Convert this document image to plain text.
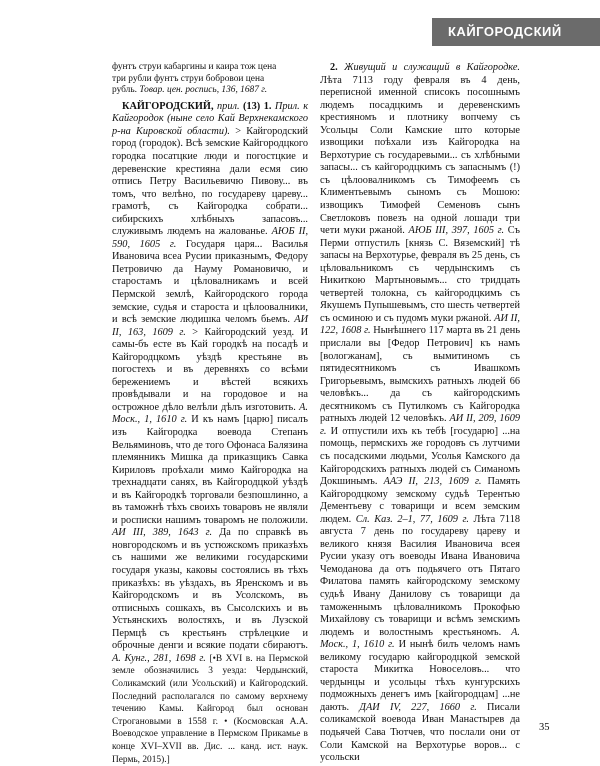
КАЙГОРОДСКИЙ
фунтъ струи кабаргины и каира тож цена
три рубли фунтъ струи бобровои цена
рубль. Товар. цен. роспись, 136, 1687 г.

КАЙГОРОДСКИЙ, прил. (13) 1. Прил. к Кайгородок (ныне село Кай Верхнекамского р-на Кировской области). > Кайгородский город (городок). Всѣ земские Кайгородцкого городка посатцкие люди и погостцкие и деревенские крестияна дали есмя сию отпись Петру Васильевичю Пивову... въ томъ, что велѣно, по государеву цареву... грамотѣ, съ Кайгородка собрати... сибирскихъ хлѣбныхъ запасовъ... служивымъ людемъ на жалованье. АЮБ II, 590, 1605 г. Государя царя... Василья Ивановича всеа Русии приказнымъ, Федору Петровичю да Науму Романовичю, и старостамъ и цѣловалникамъ и всей Пермской землѣ, Кайгородского города земские, судья и староста и цѣлоовалники, и всѣ земские людишка челомъ бьемъ. АИ II, 163, 1609 г. > Кайгородский уезд. И самы-бъ есте въ Кай городкѣ на посадѣ и Кайгородцкомъ уѣздѣ крестьяне въ погостехъ и въ деревняхъ со всѣми бережениемъ и вѣстей всякихъ провѣдывали и на городовое и на острожное дѣло велѣли дѣлъ изготовить. А. Моск., 1, 1610 г. И къ намъ [царю] писалъ изъ Кайгородка воевода Степанъ Вельяминовъ, что де того Офонаса Балязина племянникъ Мишка да приказщикъ Савка Кириловъ проѣхали мимо Кайгородка на трехнадцати санях, въ Кайгородцкой уѣздѣ и въ Кайгородкѣ торговали безпошлинно, а въ таможнѣ тѣхъ своихъ товаровъ не являли и росписки нашимъ товаромъ не положили. АИ III, 389, 1643 г. Да по справкѣ въ новгородскомъ и въ устюжскомъ приказѣхъ съ нашими же великими государскими государя указы, каковы состоялись въ тѣхъ приказѣхъ: въ уѣздахъ, въ Яренскомъ и въ Кайгородскомъ и въ Усолскомъ, въ отписныхъ сошкахъ, въ Сысолскихъ и въ Устьянскихъ волостяхъ, и въ Лузской Пермцѣ съ крестьянъ стрѣлецкие и оброчные денги и всякие подати сбираютъ. А. Кунг., 281, 1698 г. [•В XVI в. на Пермской земле обозначились 3 уезда: Чердынский, Соликамский (или Усольский) и Кайгородский. Последний располагался по самому верхнему течению Камы. Кайгород был основан Строгановыми в 1558 г. • (Космовская А.А. Воеводское управление в Пермском Прикамье в конце XVI–XVII вв. Дис. ... канд. ист. наук. Пермь, 2015).]

2. Живущий и служащий в Кайгородке. Лѣта 7113 году февраля въ 4 день, переписной именной списокъ посошнымъ людемъ посадцкимъ и деревенскимъ крестияномъ и плотнику вопчему съ Усольцы Соли Камские што которые извощики поѣхали изъ Кайгородка на Верхотурие съ государевыми... съ хлѣбными запасы... съ кайгородцкимъ съ запаснымъ (!) съ цѣлоовалникомъ съ Тимофеемъ съ Климентьевымъ сыномъ съ Мошою: извощикъ Тимофей Семеновъ сынъ Светлоковъ повезъ на одной лошади три чети муки ржаной. АЮБ III, 397, 1605 г. Съ Перми отпустилъ [князь С. Вяземский] тѣ запасы на Верхотурье, февраля въ 25 день, съ цѣловальникомъ съ чердынскимъ съ Никиткою Мартыновымъ... сто тридцать четвертей толокна, съ кайгородцкимъ съ Якушемъ Пупышевымъ, сто шесть четвертей съ осминою и съ пудомъ муки ржаной. АИ II, 122, 1608 г. Нынѣшнего 117 марта въ 21 день прислали вы [Федор Петрович] къ намъ [вологжанам], съ вымитиномъ съ пятидесятникомъ съ Ивашкомъ Григорьевымъ, вымскихъ ратныхъ людей 66 человѣкъ... да съ кайгородскимъ десятникомъ съ Путилкомъ съ Кайгородка ратныхъ людей 12 человѣкъ. АИ II, 209, 1609 г. И отпустили ихъ къ тебѣ [государю] ...на помощь, пермскихъ же городовъ съ лутчими съ посадскими людьми, Усолья Камского да Кайгородскихъ ратныхъ людей съ Симаномъ Докшинымъ. ААЭ II, 213, 1609 г. Память Кайгородцкому земскому судьѣ Терентью Дементьеву с товарищи и всем земским людем. Сл. Каз. 2–1, 77, 1609 г. Лѣта 7118 августа 7 день по государеву цареву и великого князя Василия Ивановича всея Русии указу отъ воеводы Ивана Ивановича Чемоданова да отъ подьячего отъ Пятаго Филатова память кайгородскому земскому судьѣ Ивану Данилову съ товарищи да таможеннымъ цѣловалникомъ Прокофью Михайлову съ товарищи и всѣмъ земскимъ людемъ и волостнымъ крестьяномъ. А. Моск., 1, 1610 г. И нынѣ билъ челомъ намъ великому государю кайгородцкой земской староста Микитка Новоселовъ... что чердынцы и усольцы тѣхъ кунгурскихъ подможныхъ денегъ имъ [кайгородцам] ...не дають. ДАИ IV, 227, 1660 г. Писали соликамской воевода Иван Манастырев да подьячей Сава Тютчев, что послали они от Соли Камской на Верхотурье воров... с усольски

35
